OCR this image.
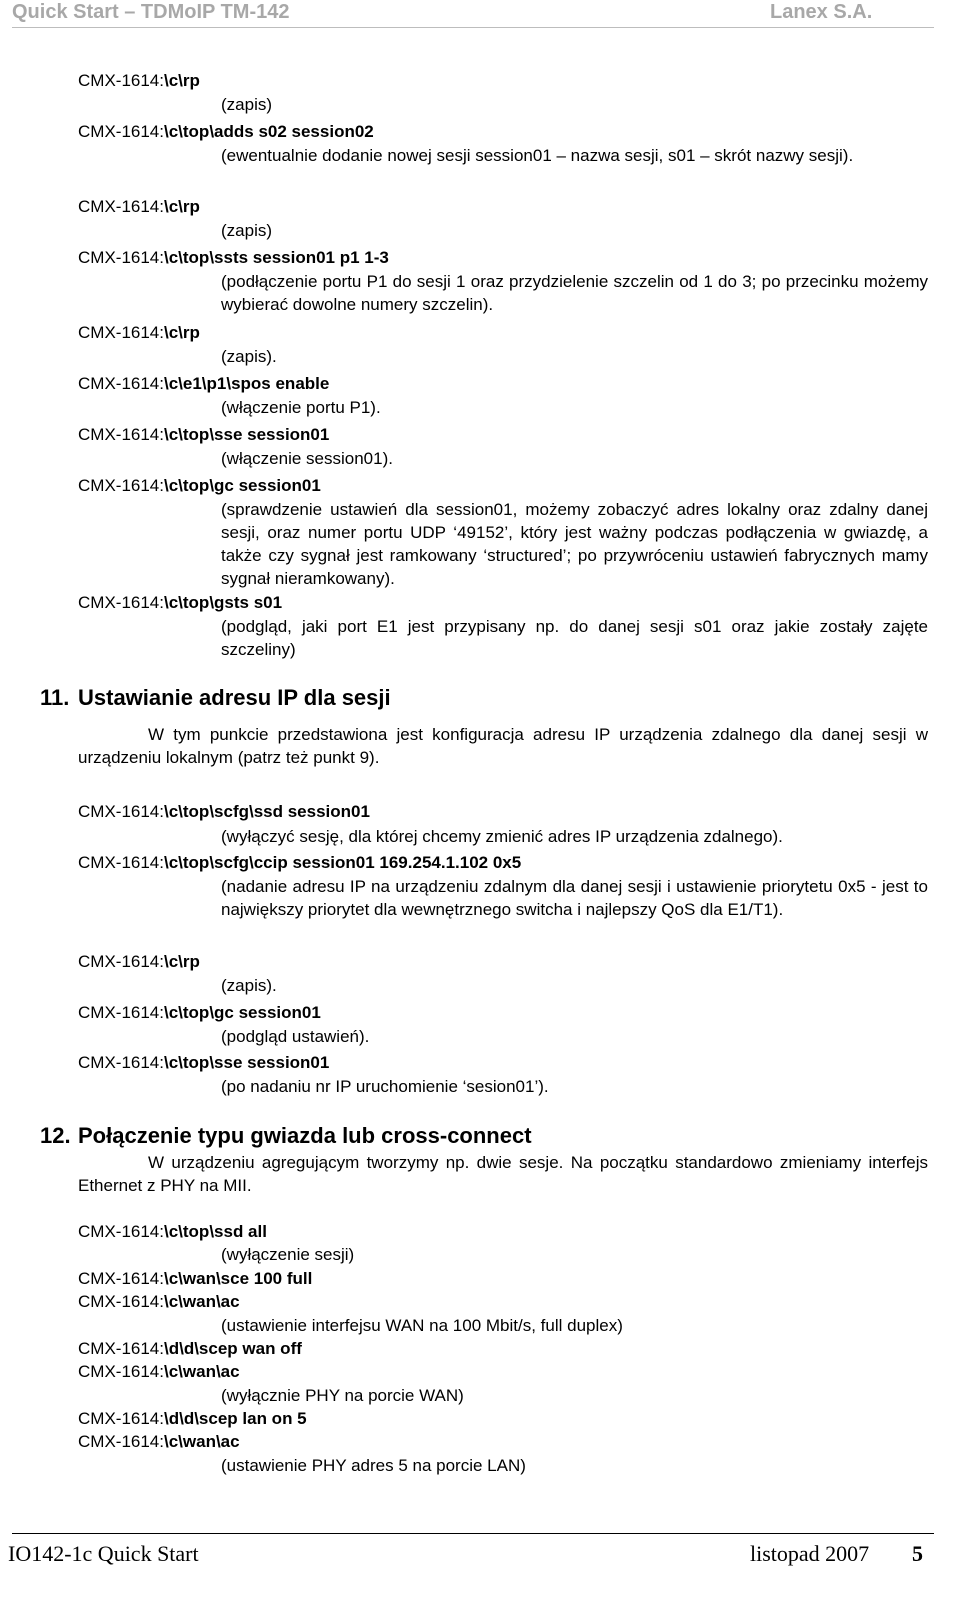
Quick Start – TDMoIP TM-142	Lanex S.A.
CMX-1614:\c\rp
(zapis)
CMX-1614:\c\top\adds s02 session02
(ewentualnie dodanie nowej sesji session01 – nazwa sesji, s01 – skrót nazwy sesji).
CMX-1614:\c\rp
(zapis)
CMX-1614:\c\top\ssts session01 p1 1-3
(podłączenie portu P1 do sesji 1 oraz przydzielenie szczelin od 1 do 3; po przecinku możemy wybierać dowolne numery szczelin).
CMX-1614:\c\rp
(zapis).
CMX-1614:\c\e1\p1\spos enable
(włączenie portu P1).
CMX-1614:\c\top\sse session01
(włączenie session01).
CMX-1614:\c\top\gc session01
(sprawdzenie ustawień dla session01, możemy zobaczyć adres lokalny oraz zdalny danej sesji, oraz numer portu UDP ‘49152’, który jest ważny podczas podłączenia w gwiazdę, a także czy sygnał jest ramkowany ‘structured’; po przywróceniu ustawień fabrycznych mamy sygnał nieramkowany).
CMX-1614:\c\top\gsts s01
(podgląd, jaki port E1 jest przypisany np. do danej sesji s01 oraz jakie zostały zajęte szczeliny)
11. Ustawianie adresu IP dla sesji
W tym punkcie przedstawiona jest konfiguracja adresu IP urządzenia zdalnego dla danej sesji w urządzeniu lokalnym (patrz też punkt 9).
CMX-1614:\c\top\scfg\ssd session01
(wyłączyć sesję, dla której chcemy zmienić adres IP urządzenia zdalnego).
CMX-1614:\c\top\scfg\ccip session01 169.254.1.102 0x5
(nadanie adresu IP na urządzeniu zdalnym dla danej sesji i ustawienie priorytetu 0x5 - jest to największy priorytet dla wewnętrznego switcha i najlepszy QoS dla E1/T1).
CMX-1614:\c\rp
(zapis).
CMX-1614:\c\top\gc session01
(podgląd ustawień).
CMX-1614:\c\top\sse session01
(po nadaniu nr IP uruchomienie ‘sesion01’).
12. Połączenie typu gwiazda lub cross-connect
W urządzeniu agregującym tworzymy np. dwie sesje. Na początku standardowo zmieniamy interfejs Ethernet z PHY na MII.
CMX-1614:\c\top\ssd all
(wyłączenie sesji)
CMX-1614:\c\wan\sce 100 full
CMX-1614:\c\wan\ac
(ustawienie interfejsu WAN na 100 Mbit/s, full duplex)
CMX-1614:\d\d\scep wan off
CMX-1614:\c\wan\ac
(wyłącznie PHY na porcie WAN)
CMX-1614:\d\d\scep lan on 5
CMX-1614:\c\wan\ac
(ustawienie PHY adres 5 na porcie LAN)
IO142-1c Quick Start	listopad 2007 5
